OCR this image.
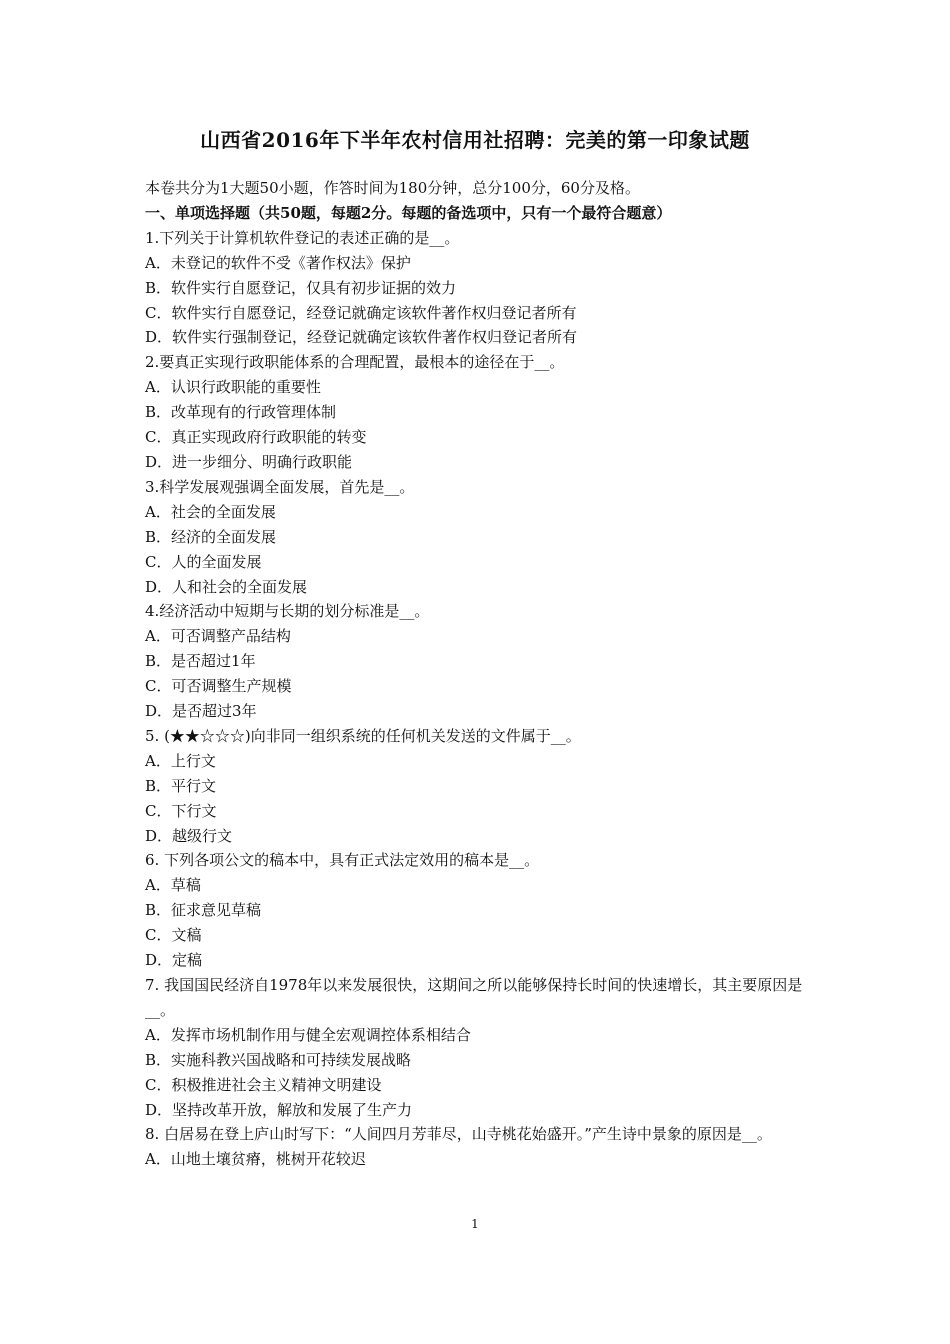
山西省2016年下半年农村信用社招聘：完美的第一印象试题
本卷共分为1大题50小题，作答时间为180分钟，总分100分，60分及格。
一、单项选择题（共50题，每题2分。每题的备选项中，只有一个最符合题意）
1.下列关于计算机软件登记的表述正确的是__。
A．未登记的软件不受《著作权法》保护
B．软件实行自愿登记，仅具有初步证据的效力
C．软件实行自愿登记，经登记就确定该软件著作权归登记者所有
D．软件实行强制登记，经登记就确定该软件著作权归登记者所有
2.要真正实现行政职能体系的合理配置，最根本的途径在于__。
A．认识行政职能的重要性
B．改革现有的行政管理体制
C．真正实现政府行政职能的转变
D．进一步细分、明确行政职能
3.科学发展观强调全面发展，首先是__。
A．社会的全面发展
B．经济的全面发展
C．人的全面发展
D．人和社会的全面发展
4.经济活动中短期与长期的划分标准是__。
A．可否调整产品结构
B．是否超过1年
C．可否调整生产规模
D．是否超过3年
5. (★★☆☆☆)向非同一组织系统的任何机关发送的文件属于__。
A．上行文
B．平行文
C．下行文
D．越级行文
6. 下列各项公文的稿本中，具有正式法定效用的稿本是__。
A．草稿
B．征求意见草稿
C．文稿
D．定稿
7. 我国国民经济自1978年以来发展很快，这期间之所以能够保持长时间的快速增长，其主要原因是__。
A．发挥市场机制作用与健全宏观调控体系相结合
B．实施科教兴国战略和可持续发展战略
C．积极推进社会主义精神文明建设
D．坚持改革开放，解放和发展了生产力
8. 白居易在登上庐山时写下：“人间四月芳菲尽，山寺桃花始盛开。”产生诗中景象的原因是__。
A．山地土壤贫瘠，桃树开花较迟
1
